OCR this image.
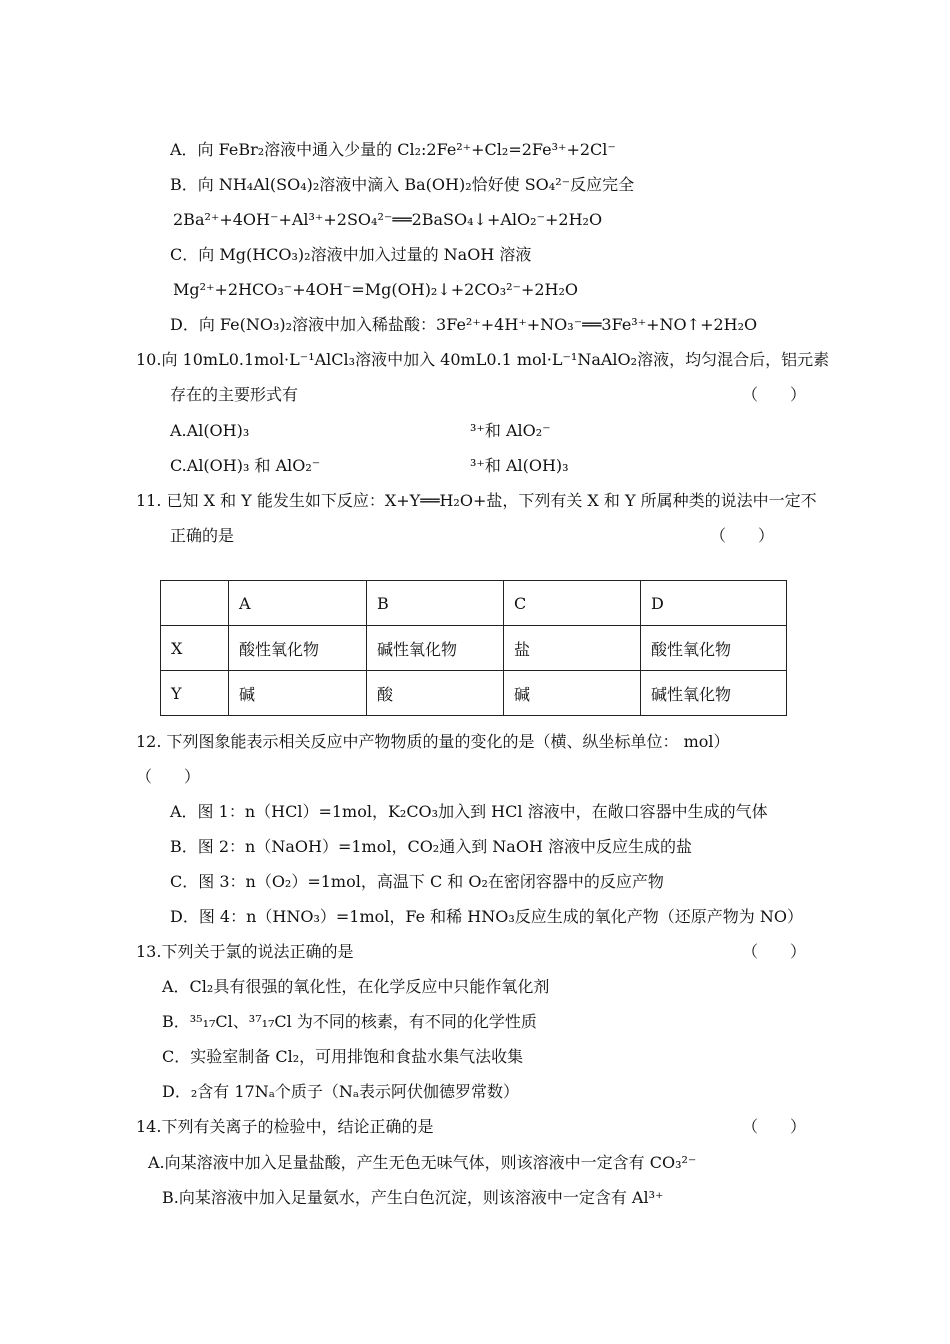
A．向 FeBr₂溶液中通入少量的 Cl₂:2Fe²⁺+Cl₂=2Fe³⁺+2Cl⁻
B．向 NH₄Al(SO₄)₂溶液中滴入 Ba(OH)₂恰好使 SO₄²⁻反应完全
2Ba²⁺+4OH⁻+Al³⁺+2SO₄²⁻══2BaSO₄↓+AlO₂⁻+2H₂O
C．向 Mg(HCO₃)₂溶液中加入过量的 NaOH 溶液
Mg²⁺+2HCO₃⁻+4OH⁻=Mg(OH)₂↓+2CO₃²⁻+2H₂O
D．向 Fe(NO₃)₂溶液中加入稀盐酸：3Fe²⁺+4H⁺+NO₃⁻══3Fe³⁺+NO↑+2H₂O
10.向 10mL0.1mol·L⁻¹AlCl₃溶液中加入 40mL0.1 mol·L⁻¹NaAlO₂溶液，均匀混合后，铝元素
存在的主要形式有	（　　）
A.Al(OH)₃	³⁺和 AlO₂⁻
C.Al(OH)₃ 和 AlO₂⁻	³⁺和 Al(OH)₃
11. 已知 X 和 Y 能发生如下反应：X+Y══H₂O+盐，下列有关 X 和 Y 所属种类的说法中一定不
正确的是	（　　）
	A	B	C	D
X	酸性氧化物	碱性氧化物	盐	酸性氧化物
Y	碱	酸	碱	碱性氧化物
12. 下列图象能表示相关反应中产物物质的量的变化的是（横、纵坐标单位： mol）
（　　）
A．图 1：n（HCl）=1mol，K₂CO₃加入到 HCl 溶液中，在敞口容器中生成的气体
B．图 2：n（NaOH）=1mol，CO₂通入到 NaOH 溶液中反应生成的盐
C．图 3：n（O₂）=1mol，高温下 C 和 O₂在密闭容器中的反应产物
D．图 4：n（HNO₃）=1mol，Fe 和稀 HNO₃反应生成的氧化产物（还原产物为 NO）
13.下列关于氯的说法正确的是	（　　）
A．Cl₂具有很强的氧化性，在化学反应中只能作氧化剂
B．³⁵₁₇Cl、³⁷₁₇Cl 为不同的核素，有不同的化学性质
C．实验室制备 Cl₂，可用排饱和食盐水集气法收集
D．₂含有 17Nₐ个质子（Nₐ表示阿伏伽德罗常数）
14.下列有关离子的检验中，结论正确的是	（　　）
A.向某溶液中加入足量盐酸，产生无色无味气体，则该溶液中一定含有 CO₃²⁻
B.向某溶液中加入足量氨水，产生白色沉淀，则该溶液中一定含有 Al³⁺
